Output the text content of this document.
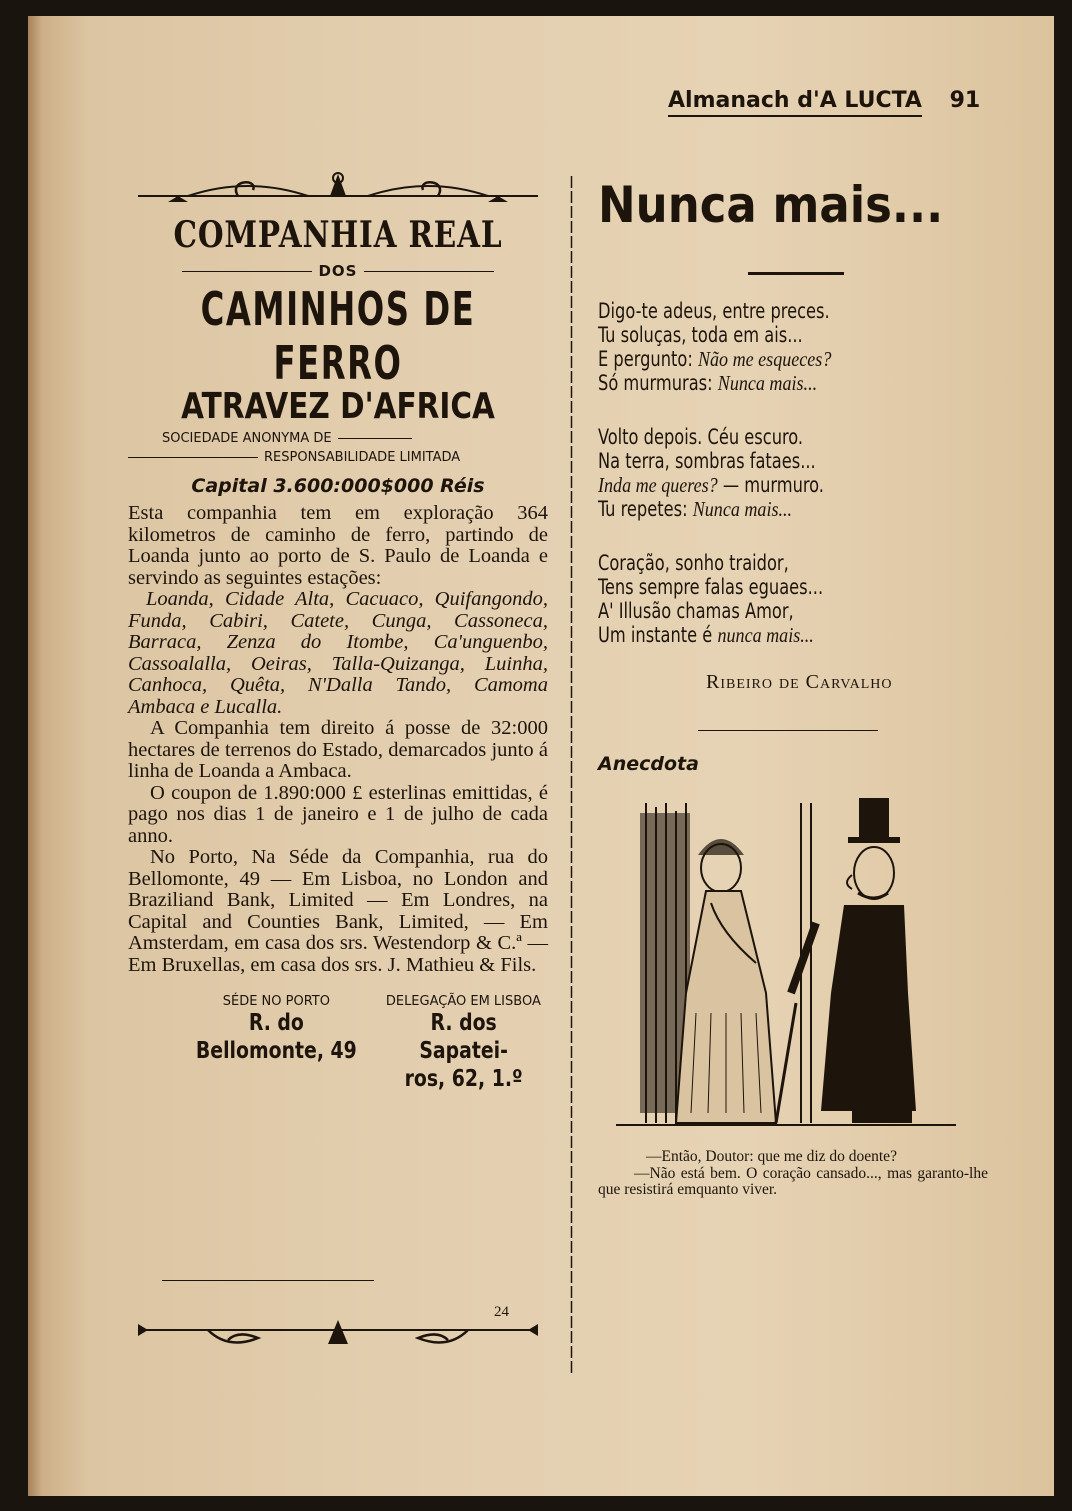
Almanach d'A LUCTA 91
COMPANHIA REAL
DOS
CAMINHOS DE FERRO
ATRAVEZ D'AFRICA
SOCIEDADE ANONYMA DE
RESPONSABILIDADE LIMITADA
Capital 3.600:000$000 Réis

Esta companhia tem em exploração 364 kilometros de caminho de ferro, partindo de Loanda junto ao porto de S. Paulo de Loanda e servindo as seguintes estações:

Loanda, Cidade Alta, Cacuaco, Quifangondo, Funda, Cabiri, Catete, Cunga, Cassoneca, Barraca, Zenza do Itombe, Ca'unguenbo, Cassoalalla, Oeiras, Talla-Quizanga, Luinha, Canhoca, Quêta, N'Dalla Tando, Camoma Ambaca e Lucalla.

A Companhia tem direito á posse de 32:000 hectares de terrenos do Estado, demarcados junto á linha de Loanda a Ambaca.

O coupon de 1.890:000 £ esterlinas emittidas, é pago nos dias 1 de janeiro e 1 de julho de cada anno.

No Porto, Na Séde da Companhia, rua do Bellomonte, 49 — Em Lisboa, no London and Braziliand Bank, Limited — Em Londres, na Capital and Counties Bank, Limited, — Em Amsterdam, em casa dos srs. Westendorp & C.ª — Em Bruxellas, em casa dos srs. J. Mathieu & Fils.

SÉDE NO PORTO
R. do Bellomonte, 49
DELEGAÇÃO EM LISBOA
R. dos Sapatei-
ros, 62, 1.º
24
Nunca mais...
Digo-te adeus, entre preces.
Tu soluças, toda em ais...
E pergunto: Não me esqueces?
Só murmuras: Nunca mais...
Volto depois. Céu escuro.
Na terra, sombras fataes...
Inda me queres? — murmuro.
Tu repetes: Nunca mais...
Coração, sonho traidor,
Tens sempre falas eguaes...
A' Illusão chamas Amor,
Um instante é nunca mais...
Ribeiro de Carvalho
Anecdota
—Então, Doutor: que me diz do doente?
—Não está bem. O coração cansado..., mas garanto-lhe que resistirá emquanto viver.
